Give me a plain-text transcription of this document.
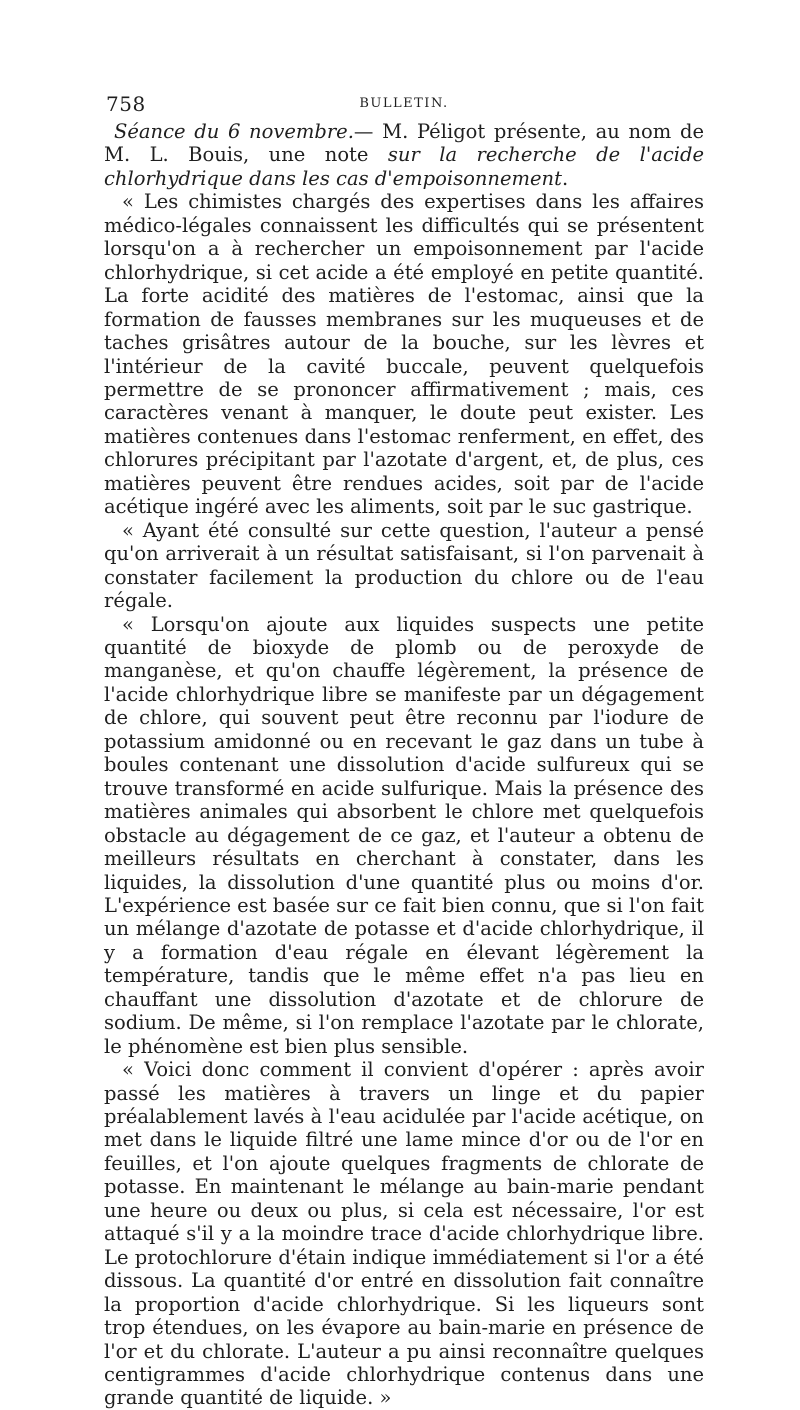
758	BULLETIN.

Séance du 6 novembre.— M. Péligot présente, au nom de M. L. Bouis, une note sur la recherche de l'acide chlorhydrique dans les cas d'empoisonnement.

« Les chimistes chargés des expertises dans les affaires médico-légales connaissent les difficultés qui se présentent lorsqu'on a à rechercher un empoisonnement par l'acide chlorhydrique, si cet acide a été employé en petite quantité. La forte acidité des matières de l'estomac, ainsi que la formation de fausses membranes sur les muqueuses et de taches grisâtres autour de la bouche, sur les lèvres et l'intérieur de la cavité buccale, peuvent quelquefois permettre de se prononcer affirmativement ; mais, ces caractères venant à manquer, le doute peut exister. Les matières contenues dans l'estomac renferment, en effet, des chlorures précipitant par l'azotate d'argent, et, de plus, ces matières peuvent être rendues acides, soit par de l'acide acétique ingéré avec les aliments, soit par le suc gastrique.

« Ayant été consulté sur cette question, l'auteur a pensé qu'on arriverait à un résultat satisfaisant, si l'on parvenait à constater facilement la production du chlore ou de l'eau régale.

« Lorsqu'on ajoute aux liquides suspects une petite quantité de bioxyde de plomb ou de peroxyde de manganèse, et qu'on chauffe légèrement, la présence de l'acide chlorhydrique libre se manifeste par un dégagement de chlore, qui souvent peut être reconnu par l'iodure de potassium amidonné ou en recevant le gaz dans un tube à boules contenant une dissolution d'acide sulfureux qui se trouve transformé en acide sulfurique. Mais la présence des matières animales qui absorbent le chlore met quelquefois obstacle au dégagement de ce gaz, et l'auteur a obtenu de meilleurs résultats en cherchant à constater, dans les liquides, la dissolution d'une quantité plus ou moins d'or. L'expérience est basée sur ce fait bien connu, que si l'on fait un mélange d'azotate de potasse et d'acide chlorhydrique, il y a formation d'eau régale en élevant légèrement la température, tandis que le même effet n'a pas lieu en chauffant une dissolution d'azotate et de chlorure de sodium. De même, si l'on remplace l'azotate par le chlorate, le phénomène est bien plus sensible.

« Voici donc comment il convient d'opérer : après avoir passé les matières à travers un linge et du papier préalablement lavés à l'eau acidulée par l'acide acétique, on met dans le liquide filtré une lame mince d'or ou de l'or en feuilles, et l'on ajoute quelques fragments de chlorate de potasse. En maintenant le mélange au bain-marie pendant une heure ou deux ou plus, si cela est nécessaire, l'or est attaqué s'il y a la moindre trace d'acide chlorhydrique libre. Le protochlorure d'étain indique immédiatement si l'or a été dissous. La quantité d'or entré en dissolution fait connaître la proportion d'acide chlorhydrique. Si les liqueurs sont trop étendues, on les évapore au bain-marie en présence de l'or et du chlorate. L'auteur a pu ainsi reconnaître quelques centigrammes d'acide chlorhydrique contenus dans une grande quantité de liquide. »
